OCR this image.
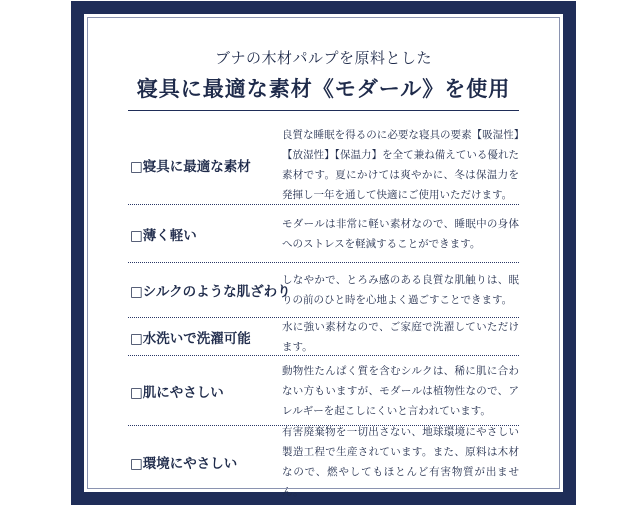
ブナの木材パルプを原料とした
寝具に最適な素材《モダール》を使用
□寝具に最適な素材
良質な睡眠を得るのに必要な寝具の要素【吸湿性】【放湿性】【保温力】を全て兼ね備えている優れた素材です。夏にかけては爽やかに、冬は保温力を発揮し一年を通して快適にご使用いただけます。
□薄く軽い
モダールは非常に軽い素材なので、睡眠中の身体へのストレスを軽減することができます。
□シルクのような肌ざわり
しなやかで、とろみ感のある良質な肌触りは、眠りの前のひと時を心地よく過ごすことできます。
□水洗いで洗濯可能
水に強い素材なので、ご家庭で洗濯していただけます。
□肌にやさしい
動物性たんぱく質を含むシルクは、稀に肌に合わない方もいますが、モダールは植物性なので、アレルギーを起こしにくいと言われています。
□環境にやさしい
有害廃棄物を一切出さない、地球環境にやさしい製造工程で生産されています。また、原料は木材なので、燃やしてもほとんど有害物質が出ません。
